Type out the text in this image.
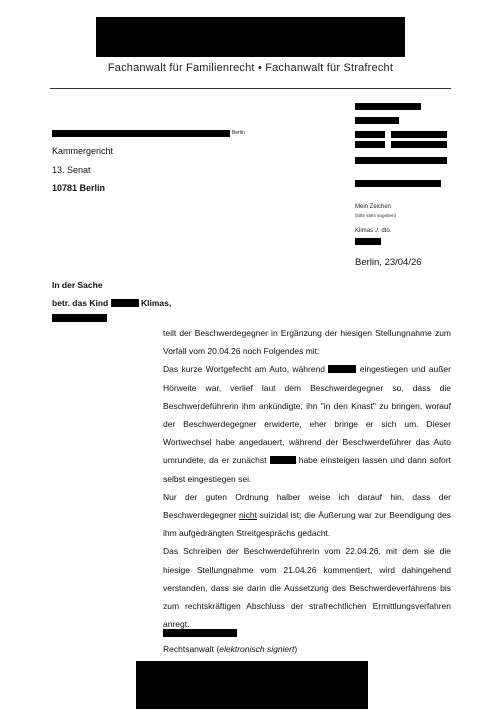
Fachanwalt für Familienrecht • Fachanwalt für Strafrecht
Berlin
Kammergericht
13. Senat
10781 Berlin
Mein Zeichen
(bitte stets angeben)
Klimas ./. dto.
Berlin, 23/04/26
In der Sache
betr. das Kind	Klimas,

teilt der Beschwerdegegner in Ergänzung der hiesigen Stellungnahme zum Vorfall vom 20.04.26 noch Folgendes mit:

Das kurze Wortgefecht am Auto, während	eingestiegen und außer Hörweite war, verlief laut dem Beschwerdegegner so, dass die Beschwerdeführerin ihm ankündigte, ihn "in den Knast" zu bringen, worauf der Beschwerdegegner erwiderte, eher bringe er sich um. Dieser Wortwechsel habe angedauert, während der Beschwerdeführer das Auto umrundete, da er zunächst	habe einsteigen lassen und dann sofort selbst eingestiegen sei.

Nur der guten Ordnung halber weise ich darauf hin, dass der Beschwerdegegner nicht suizidal ist; die Äußerung war zur Beendigung des ihm aufgedrängten Streitgesprächs gedacht.

Das Schreiben der Beschwerdeführerin vom 22.04.26, mit dem sie die hiesige Stellungnahme vom 21.04.26 kommentiert, wird dahingehend verstanden, dass sie darin die Aussetzung des Beschwerdeverfahrens bis zum rechtskräftigen Abschluss der strafrechtlichen Ermittlungsverfahren anregt.

Rechtsanwalt (elektronisch signiert)
